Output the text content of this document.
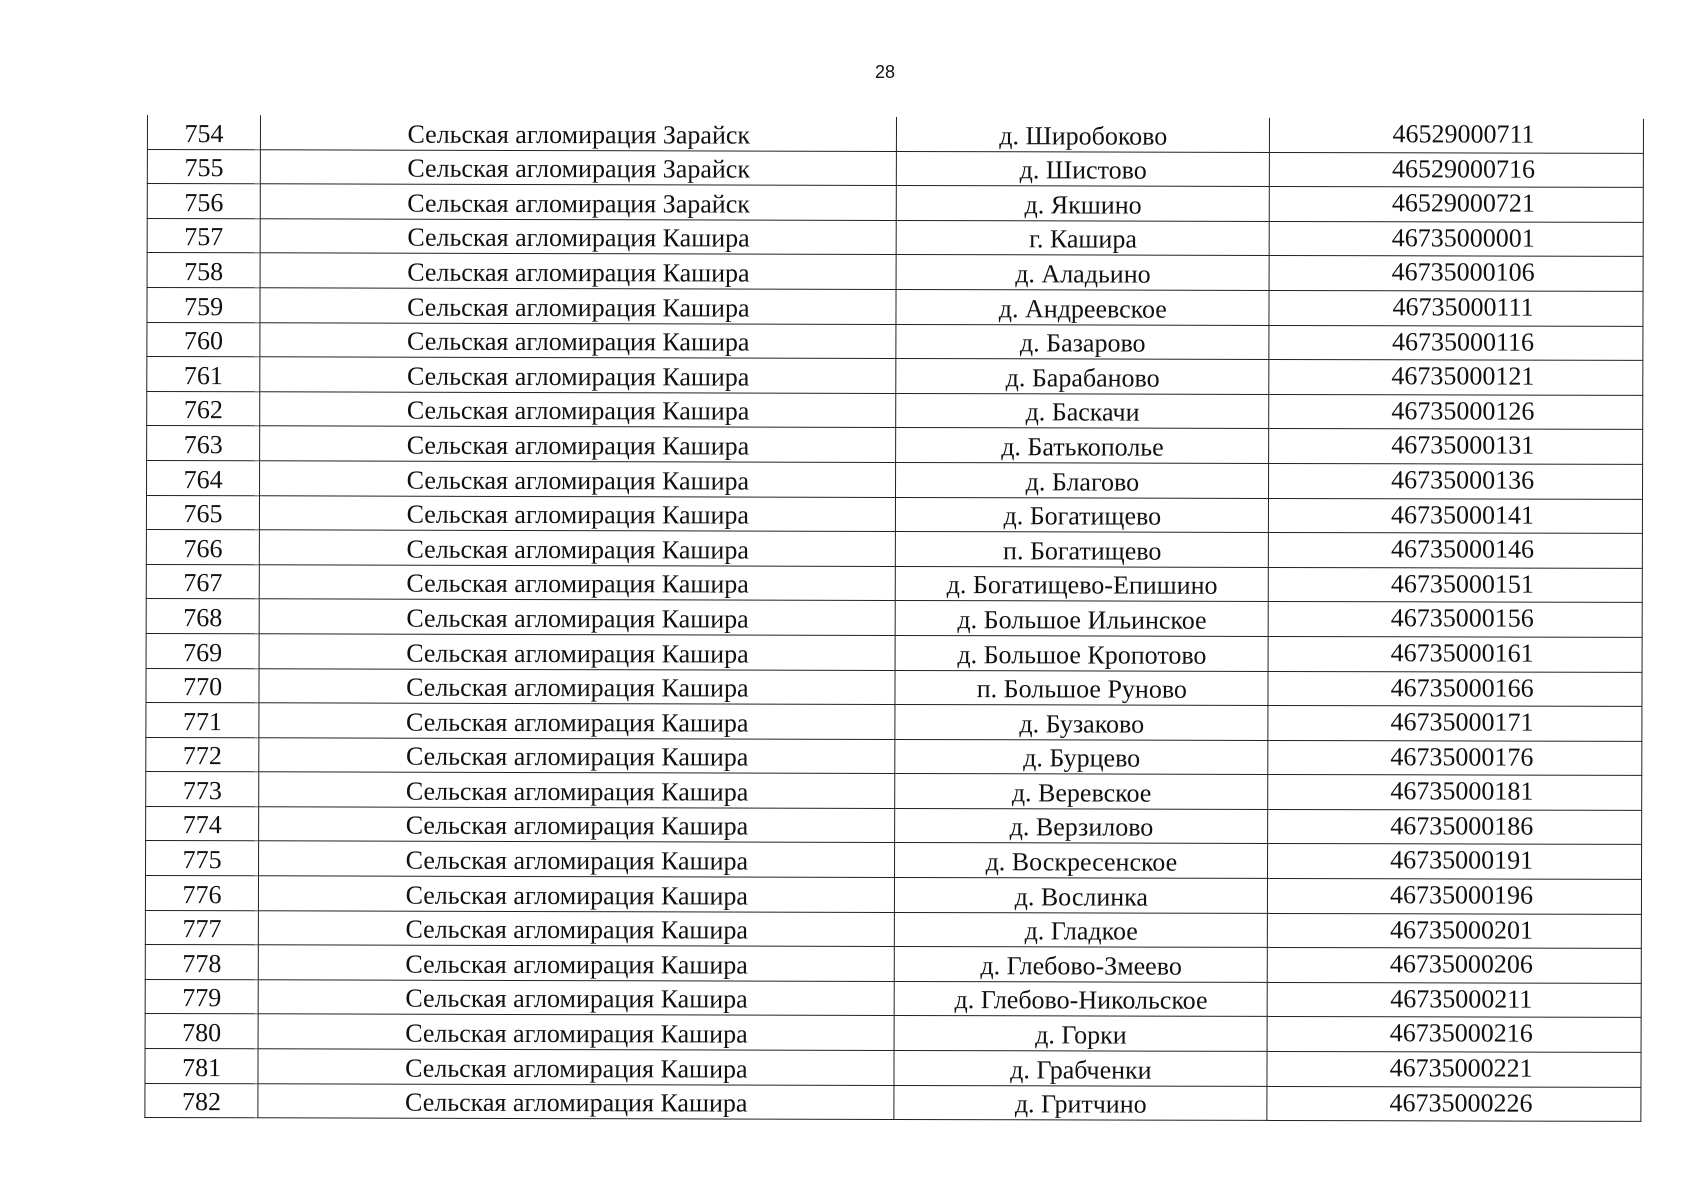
28
754	Сельская агломирация Зарайск	д. Широбоково	46529000711
755	Сельская агломирация Зарайск	д. Шистово	46529000716
756	Сельская агломирация Зарайск	д. Якшино	46529000721
757	Сельская агломирация Кашира	г. Кашира	46735000001
758	Сельская агломирация Кашира	д. Аладьино	46735000106
759	Сельская агломирация Кашира	д. Андреевское	46735000111
760	Сельская агломирация Кашира	д. Базарово	46735000116
761	Сельская агломирация Кашира	д. Барабаново	46735000121
762	Сельская агломирация Кашира	д. Баскачи	46735000126
763	Сельская агломирация Кашира	д. Батькополье	46735000131
764	Сельская агломирация Кашира	д. Благово	46735000136
765	Сельская агломирация Кашира	д. Богатищево	46735000141
766	Сельская агломирация Кашира	п. Богатищево	46735000146
767	Сельская агломирация Кашира	д. Богатищево-Епишино	46735000151
768	Сельская агломирация Кашира	д. Большое Ильинское	46735000156
769	Сельская агломирация Кашира	д. Большое Кропотово	46735000161
770	Сельская агломирация Кашира	п. Большое Руново	46735000166
771	Сельская агломирация Кашира	д. Бузаково	46735000171
772	Сельская агломирация Кашира	д. Бурцево	46735000176
773	Сельская агломирация Кашира	д. Веревское	46735000181
774	Сельская агломирация Кашира	д. Верзилово	46735000186
775	Сельская агломирация Кашира	д. Воскресенское	46735000191
776	Сельская агломирация Кашира	д. Вослинка	46735000196
777	Сельская агломирация Кашира	д. Гладкое	46735000201
778	Сельская агломирация Кашира	д. Глебово-Змеево	46735000206
779	Сельская агломирация Кашира	д. Глебово-Никольское	46735000211
780	Сельская агломирация Кашира	д. Горки	46735000216
781	Сельская агломирация Кашира	д. Грабченки	46735000221
782	Сельская агломирация Кашира	д. Гритчино	46735000226
